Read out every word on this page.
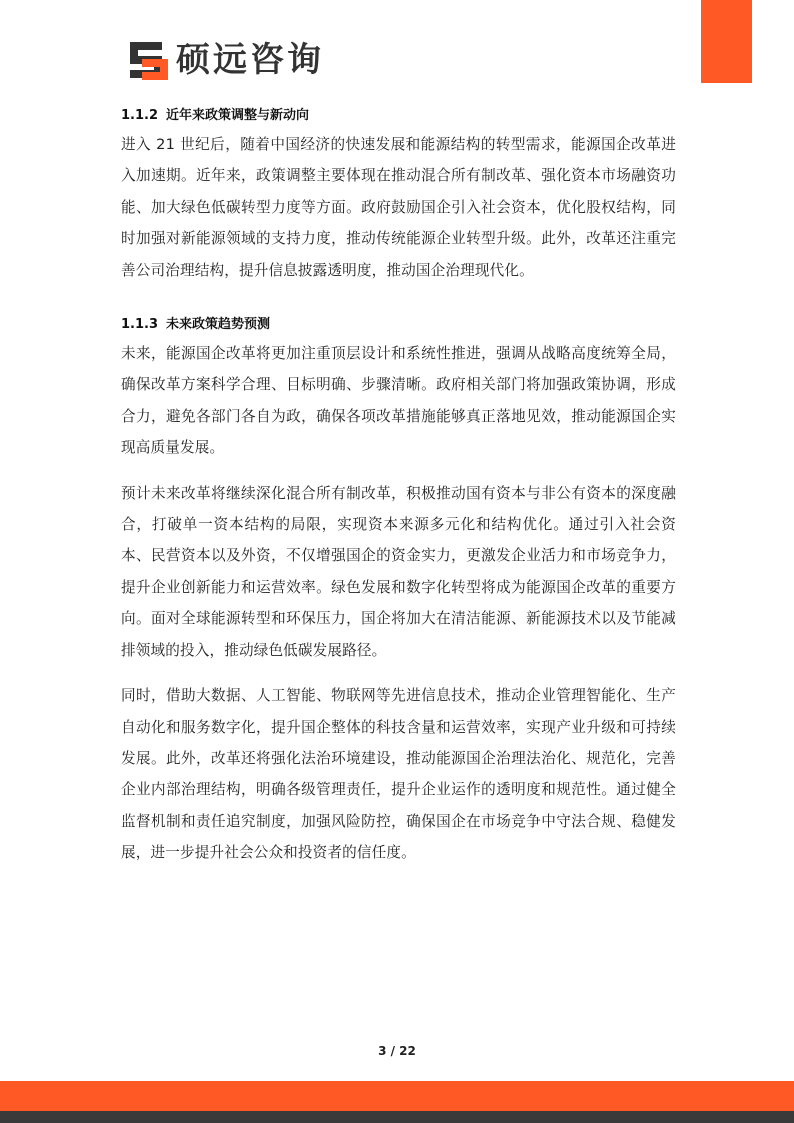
硕远咨询
1.1.2 近年来政策调整与新动向

进入 21 世纪后，随着中国经济的快速发展和能源结构的转型需求，能源国企改革进入加速期。近年来，政策调整主要体现在推动混合所有制改革、强化资本市场融资功能、加大绿色低碳转型力度等方面。政府鼓励国企引入社会资本，优化股权结构，同时加强对新能源领域的支持力度，推动传统能源企业转型升级。此外，改革还注重完善公司治理结构，提升信息披露透明度，推动国企治理现代化。

1.1.3 未来政策趋势预测

未来，能源国企改革将更加注重顶层设计和系统性推进，强调从战略高度统筹全局，确保改革方案科学合理、目标明确、步骤清晰。政府相关部门将加强政策协调，形成合力，避免各部门各自为政，确保各项改革措施能够真正落地见效，推动能源国企实现高质量发展。

预计未来改革将继续深化混合所有制改革，积极推动国有资本与非公有资本的深度融合，打破单一资本结构的局限，实现资本来源多元化和结构优化。通过引入社会资本、民营资本以及外资，不仅增强国企的资金实力，更激发企业活力和市场竞争力，提升企业创新能力和运营效率。绿色发展和数字化转型将成为能源国企改革的重要方向。面对全球能源转型和环保压力，国企将加大在清洁能源、新能源技术以及节能减排领域的投入，推动绿色低碳发展路径。

同时，借助大数据、人工智能、物联网等先进信息技术，推动企业管理智能化、生产自动化和服务数字化，提升国企整体的科技含量和运营效率，实现产业升级和可持续发展。此外，改革还将强化法治环境建设，推动能源国企治理法治化、规范化，完善企业内部治理结构，明确各级管理责任，提升企业运作的透明度和规范性。通过健全监督机制和责任追究制度，加强风险防控，确保国企在市场竞争中守法合规、稳健发展，进一步提升社会公众和投资者的信任度。

3 / 22
